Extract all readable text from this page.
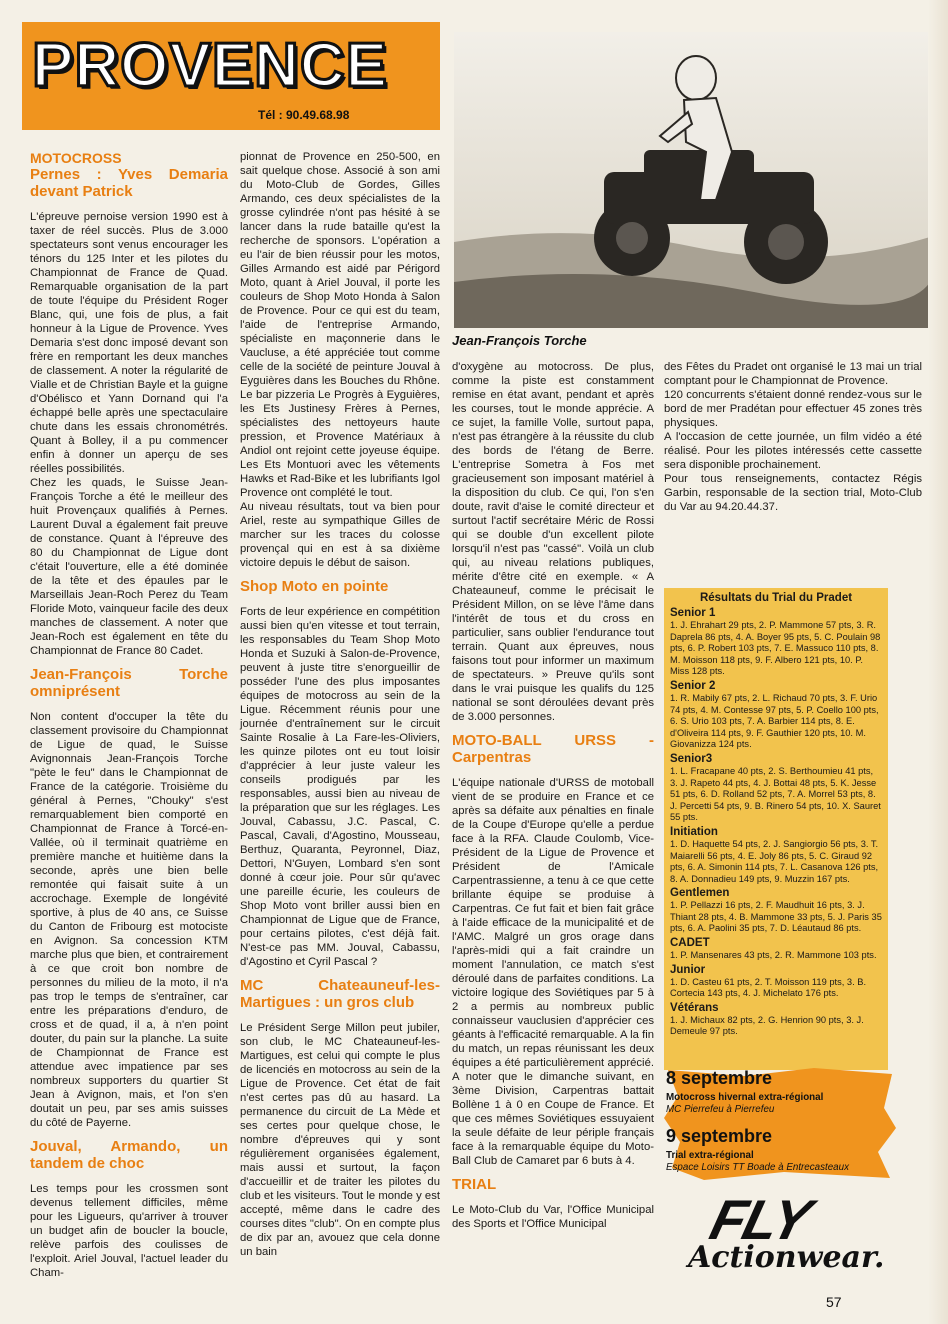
PROVENCE
Tél : 90.49.68.98
Jean-François Torche
MOTOCROSS
Pernes : Yves Demaria devant Patrick

L'épreuve pernoise version 1990 est à taxer de réel succès. Plus de 3.000 spectateurs sont venus encourager les ténors du 125 Inter et les pilotes du Championnat de France de Quad. Remarquable organisation de la part de toute l'équipe du Président Roger Blanc, qui, une fois de plus, a fait honneur à la Ligue de Provence. Yves Demaria s'est donc imposé devant son frère en remportant les deux manches de classement. A noter la régularité de Vialle et de Christian Bayle et la guigne d'Obélisco et Yann Dornand qui l'a échappé belle après une spectaculaire chute dans les essais chronométrés. Quant à Bolley, il a pu commencer enfin à donner un aperçu de ses réelles possibilités.

Chez les quads, le Suisse Jean-François Torche a été le meilleur des huit Provençaux qualifiés à Pernes. Laurent Duval a également fait preuve de constance. Quant à l'épreuve des 80 du Championnat de Ligue dont c'était l'ouverture, elle a été dominée de la tête et des épaules par le Marseillais Jean-Roch Perez du Team Floride Moto, vainqueur facile des deux manches de classement. A noter que Jean-Roch est également en tête du Championnat de France 80 Cadet.

Jean-François Torche omniprésent

Non content d'occuper la tête du classement provisoire du Championnat de Ligue de quad, le Suisse Avignonnais Jean-François Torche "pète le feu" dans le Championnat de France de la catégorie. Troisième du général à Pernes, "Chouky" s'est remarquablement bien comporté en Championnat de France à Torcé-en-Vallée, où il terminait quatrième en première manche et huitième dans la seconde, après une bien belle remontée qui faisait suite à un accrochage. Exemple de longévité sportive, à plus de 40 ans, ce Suisse du Canton de Fribourg est motociste en Avignon. Sa concession KTM marche plus que bien, et contrairement à ce que croit bon nombre de personnes du milieu de la moto, il n'a pas trop le temps de s'entraîner, car entre les préparations d'enduro, de cross et de quad, il a, à n'en point douter, du pain sur la planche. La suite de Championnat de France est attendue avec impatience par ses nombreux supporters du quartier St Jean à Avignon, mais, et l'on s'en doutait un peu, par ses amis suisses du côté de Payerne.

Jouval, Armando, un tandem de choc

Les temps pour les crossmen sont devenus tellement difficiles, même pour les Ligueurs, qu'arriver à trouver un budget afin de boucler la boucle, relève parfois des coulisses de l'exploit. Ariel Jouval, l'actuel leader du Cham-

pionnat de Provence en 250-500, en sait quelque chose. Associé à son ami du Moto-Club de Gordes, Gilles Armando, ces deux spécialistes de la grosse cylindrée n'ont pas hésité à se lancer dans la rude bataille qu'est la recherche de sponsors. L'opération a eu l'air de bien réussir pour les motos, Gilles Armando est aidé par Périgord Moto, quant à Ariel Jouval, il porte les couleurs de Shop Moto Honda à Salon de Provence. Pour ce qui est du team, l'aide de l'entreprise Armando, spécialiste en maçonnerie dans le Vaucluse, a été appréciée tout comme celle de la société de peinture Jouval à Eyguières dans les Bouches du Rhône. Le bar pizzeria Le Progrès à Eyguières, les Ets Justinesy Frères à Pernes, spécialistes des nettoyeurs haute pression, et Provence Matériaux à Andiol ont rejoint cette joyeuse équipe. Les Ets Montuori avec les vêtements Hawks et Rad-Bike et les lubrifiants Igol Provence ont complété le tout.

Au niveau résultats, tout va bien pour Ariel, reste au sympathique Gilles de marcher sur les traces du colosse provençal qui en est à sa dixième victoire depuis le début de saison.

Shop Moto en pointe

Forts de leur expérience en compétition aussi bien qu'en vitesse et tout terrain, les responsables du Team Shop Moto Honda et Suzuki à Salon-de-Provence, peuvent à juste titre s'enorgueillir de posséder l'une des plus imposantes équipes de motocross au sein de la Ligue. Récemment réunis pour une journée d'entraînement sur le circuit Sainte Rosalie à La Fare-les-Oliviers, les quinze pilotes ont eu tout loisir d'apprécier à leur juste valeur les conseils prodigués par les responsables, aussi bien au niveau de la préparation que sur les réglages. Les Jouval, Cabassu, J.C. Pascal, C. Pascal, Cavali, d'Agostino, Mousseau, Berthuz, Quaranta, Peyronnel, Diaz, Dettori, N'Guyen, Lombard s'en sont donné à cœur joie. Pour sûr qu'avec une pareille écurie, les couleurs de Shop Moto vont briller aussi bien en Championnat de Ligue que de France, pour certains pilotes, c'est déjà fait. N'est-ce pas MM. Jouval, Cabassu, d'Agostino et Cyril Pascal ?

MC Chateauneuf-les-Martigues : un gros club

Le Président Serge Millon peut jubiler, son club, le MC Chateauneuf-les-Martigues, est celui qui compte le plus de licenciés en motocross au sein de la Ligue de Provence. Cet état de fait n'est certes pas dû au hasard. La permanence du circuit de La Mède et ses certes pour quelque chose, le nombre d'épreuves qui y sont régulièrement organisées également, mais aussi et surtout, la façon d'accueillir et de traiter les pilotes du club et les visiteurs. Tout le monde y est accepté, même dans le cadre des courses dites "club". On en compte plus de dix par an, avouez que cela donne un bain

d'oxygène au motocross. De plus, comme la piste est constamment remise en état avant, pendant et après les courses, tout le monde apprécie. A ce sujet, la famille Volle, surtout papa, n'est pas étrangère à la réussite du club des bords de l'étang de Berre. L'entreprise Sometra à Fos met gracieusement son imposant matériel à la disposition du club. Ce qui, l'on s'en doute, ravit d'aise le comité directeur et surtout l'actif secrétaire Méric de Rossi qui se double d'un excellent pilote lorsqu'il n'est pas "cassé". Voilà un club qui, au niveau relations publiques, mérite d'être cité en exemple. « A Chateauneuf, comme le précisait le Président Millon, on se lève l'âme dans l'intérêt de tous et du cross en particulier, sans oublier l'endurance tout terrain. Quant aux épreuves, nous faisons tout pour informer un maximum de spectateurs. » Preuve qu'ils sont dans le vrai puisque les qualifs du 125 national se sont déroulées devant près de 3.000 personnes.

MOTO-BALL URSS - Carpentras

L'équipe nationale d'URSS de motoball vient de se produire en France et ce après sa défaite aux pénalties en finale de la Coupe d'Europe qu'elle a perdue face à la RFA. Claude Coulomb, Vice-Président de la Ligue de Provence et Président de l'Amicale Carpentrassienne, a tenu à ce que cette brillante équipe se produise à Carpentras. Ce fut fait et bien fait grâce à l'aide efficace de la municipalité et de l'AMC. Malgré un gros orage dans l'après-midi qui a fait craindre un moment l'annulation, ce match s'est déroulé dans de parfaites conditions. La victoire logique des Soviétiques par 5 à 2 a permis au nombreux public connaisseur vauclusien d'apprécier ces géants à l'efficacité remarquable. A la fin du match, un repas réunissant les deux équipes a été particulièrement apprécié. A noter que le dimanche suivant, en 3ème Division, Carpentras battait Bollène 1 à 0 en Coupe de France. Et que ces mêmes Soviétiques essuyaient la seule défaite de leur périple français face à la remarquable équipe du Moto-Ball Club de Camaret par 6 buts à 4.

TRIAL

Le Moto-Club du Var, l'Office Municipal des Sports et l'Office Municipal

des Fêtes du Pradet ont organisé le 13 mai un trial comptant pour le Championnat de Provence.

120 concurrents s'étaient donné rendez-vous sur le bord de mer Pradétan pour effectuer 45 zones très physiques.

A l'occasion de cette journée, un film vidéo a été réalisé. Pour les pilotes intéressés cette cassette sera disponible prochainement.

Pour tous renseignements, contactez Régis Garbin, responsable de la section trial, Moto-Club du Var au 94.20.44.37.

Résultats du Trial du Pradet
Senior 1
1. J. Ehrahart 29 pts, 2. P. Mammone 57 pts, 3. R. Daprela 86 pts, 4. A. Boyer 95 pts, 5. C. Poulain 98 pts, 6. P. Robert 103 pts, 7. E. Massuco 110 pts, 8. M. Moisson 118 pts, 9. F. Albero 121 pts, 10. P. Miss 128 pts.
Senior 2
1. R. Mabily 67 pts, 2. L. Richaud 70 pts, 3. F. Urio 74 pts, 4. M. Contesse 97 pts, 5. P. Coello 100 pts, 6. S. Urio 103 pts, 7. A. Barbier 114 pts, 8. E. d'Oliveira 114 pts, 9. F. Gauthier 120 pts, 10. M. Giovanizza 124 pts.
Senior3
1. L. Fracapane 40 pts, 2. S. Berthoumieu 41 pts, 3. J. Rapeto 44 pts, 4. J. Bottai 48 pts, 5. K. Jesse 51 pts, 6. D. Rolland 52 pts, 7. A. Morrel 53 pts, 8. J. Percetti 54 pts, 9. B. Rinero 54 pts, 10. X. Sauret 55 pts.
Initiation
1. D. Haquette 54 pts, 2. J. Sangiorgio 56 pts, 3. T. Maiarelli 56 pts, 4. E. Joly 86 pts, 5. C. Giraud 92 pts, 6. A. Simonin 114 pts, 7. L. Casanova 126 pts, 8. A. Donnadieu 149 pts, 9. Muzzin 167 pts.
Gentlemen
1. P. Pellazzi 16 pts, 2. F. Maudhuit 16 pts, 3. J. Thiant 28 pts, 4. B. Mammone 33 pts, 5. J. Paris 35 pts, 6. A. Paolini 35 pts, 7. D. Léautaud 86 pts.
CADET
1. P. Mansenares 43 pts, 2. R. Mammone 103 pts.
Junior
1. D. Casteu 61 pts, 2. T. Moisson 119 pts, 3. B. Cortecia 143 pts, 4. J. Michelato 176 pts.
Vétérans
1. J. Michaux 82 pts, 2. G. Henrion 90 pts, 3. J. Demeule 97 pts.
8 septembre
Motocross hivernal extra-régional
MC Pierrefeu à Pierrefeu
9 septembre
Trial extra-régional
Espace Loisirs TT Boade à Entrecasteaux
FLY
Actionwear.
57
